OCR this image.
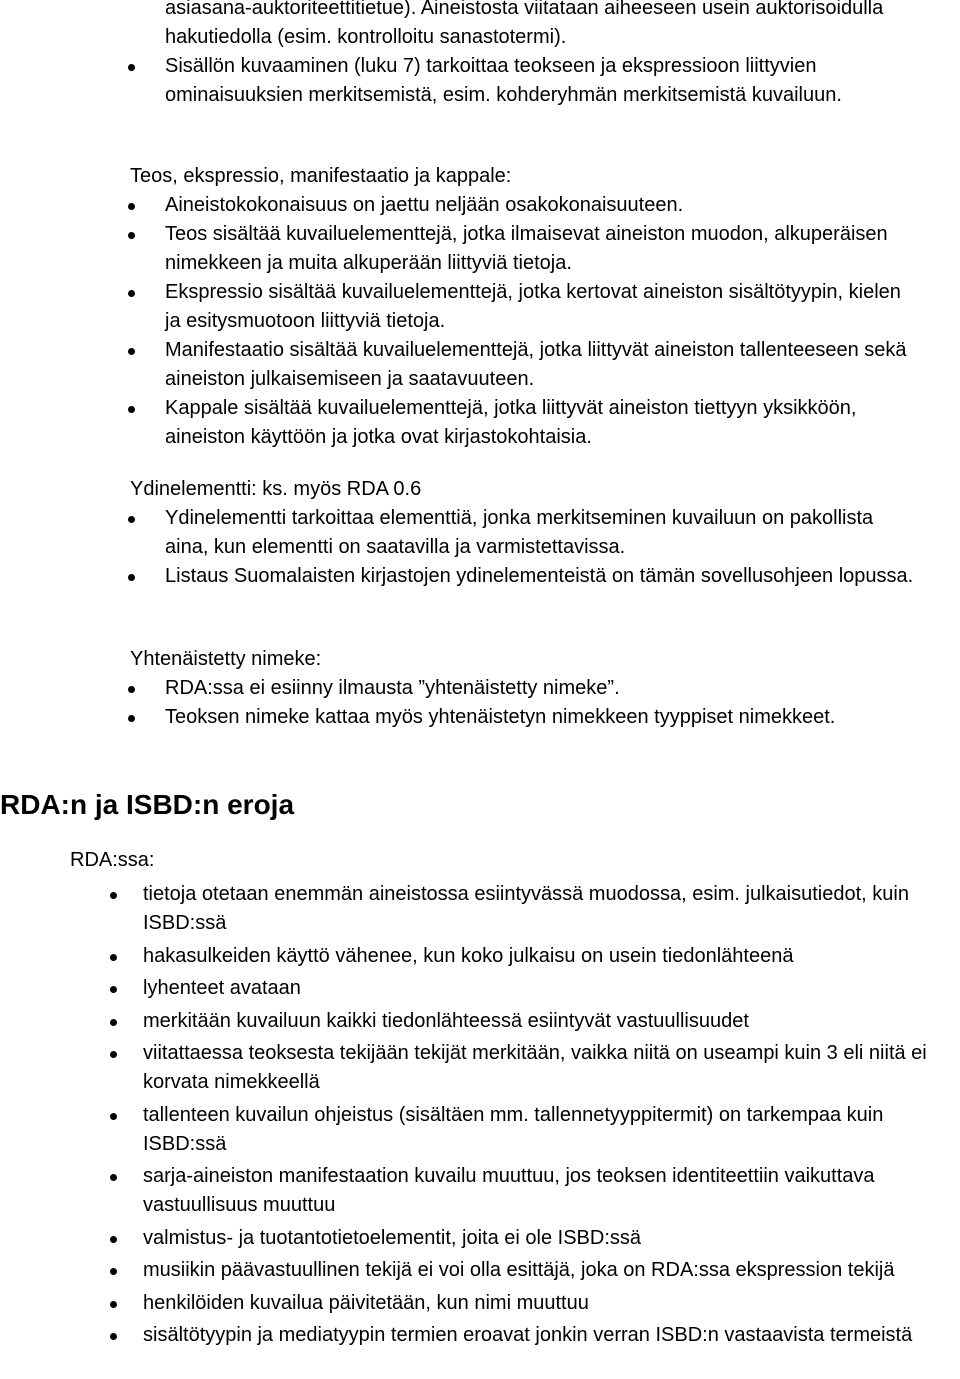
asiasana-auktoriteettitietue). Aineistosta viitataan aiheeseen usein auktorisoidulla hakutiedolla (esim. kontrolloitu sanastotermi).
Sisällön kuvaaminen (luku 7) tarkoittaa teokseen ja ekspressioon liittyvien ominaisuuksien merkitsemistä, esim. kohderyhmän merkitsemistä kuvailuun.
Teos, ekspressio, manifestaatio ja kappale:
Aineistokokonaisuus on jaettu neljään osakokonaisuuteen.
Teos sisältää kuvailuelementtejä, jotka ilmaisevat aineiston muodon, alkuperäisen nimekkeen ja muita alkuperään liittyviä tietoja.
Ekspressio sisältää kuvailuelementtejä, jotka kertovat aineiston sisältötyypin, kielen ja esitysmuotoon liittyviä tietoja.
Manifestaatio sisältää kuvailuelementtejä, jotka liittyvät aineiston tallenteeseen sekä aineiston julkaisemiseen ja saatavuuteen.
Kappale sisältää kuvailuelementtejä, jotka liittyvät aineiston tiettyyn yksikköön, aineiston käyttöön ja jotka ovat kirjastokohtaisia.
Ydinelementti: ks. myös RDA 0.6
Ydinelementti tarkoittaa elementtiä, jonka merkitseminen kuvailuun on pakollista aina, kun elementti on saatavilla ja varmistettavissa.
Listaus Suomalaisten kirjastojen ydinelementeistä on tämän sovellusohjeen lopussa.
Yhtenäistetty nimeke:
RDA:ssa ei esiinny ilmausta ”yhtenäistetty nimeke”.
Teoksen nimeke kattaa myös yhtenäistetyn nimekkeen tyyppiset nimekkeet.
RDA:n ja ISBD:n eroja
RDA:ssa:
tietoja otetaan enemmän aineistossa esiintyvässä muodossa, esim. julkaisutiedot, kuin ISBD:ssä
hakasulkeiden käyttö vähenee, kun koko julkaisu on usein tiedonlähteenä
lyhenteet avataan
merkitään kuvailuun kaikki tiedonlähteessä esiintyvät vastuullisuudet
viitattaessa teoksesta tekijään tekijät merkitään, vaikka niitä on useampi kuin 3 eli niitä ei korvata nimekkeellä
tallenteen kuvailun ohjeistus (sisältäen mm. tallennetyyppitermit) on tarkempaa kuin ISBD:ssä
sarja-aineiston manifestaation kuvailu muuttuu, jos teoksen identiteettiin vaikuttava vastuullisuus muuttuu
valmistus- ja tuotantotietoelementit, joita ei ole ISBD:ssä
musiikin päävastuullinen tekijä ei voi olla esittäjä, joka on RDA:ssa ekspression tekijä
henkilöiden kuvailua päivitetään, kun nimi muuttuu
sisältötyypin ja mediatyypin termien eroavat jonkin verran ISBD:n vastaavista termeistä
